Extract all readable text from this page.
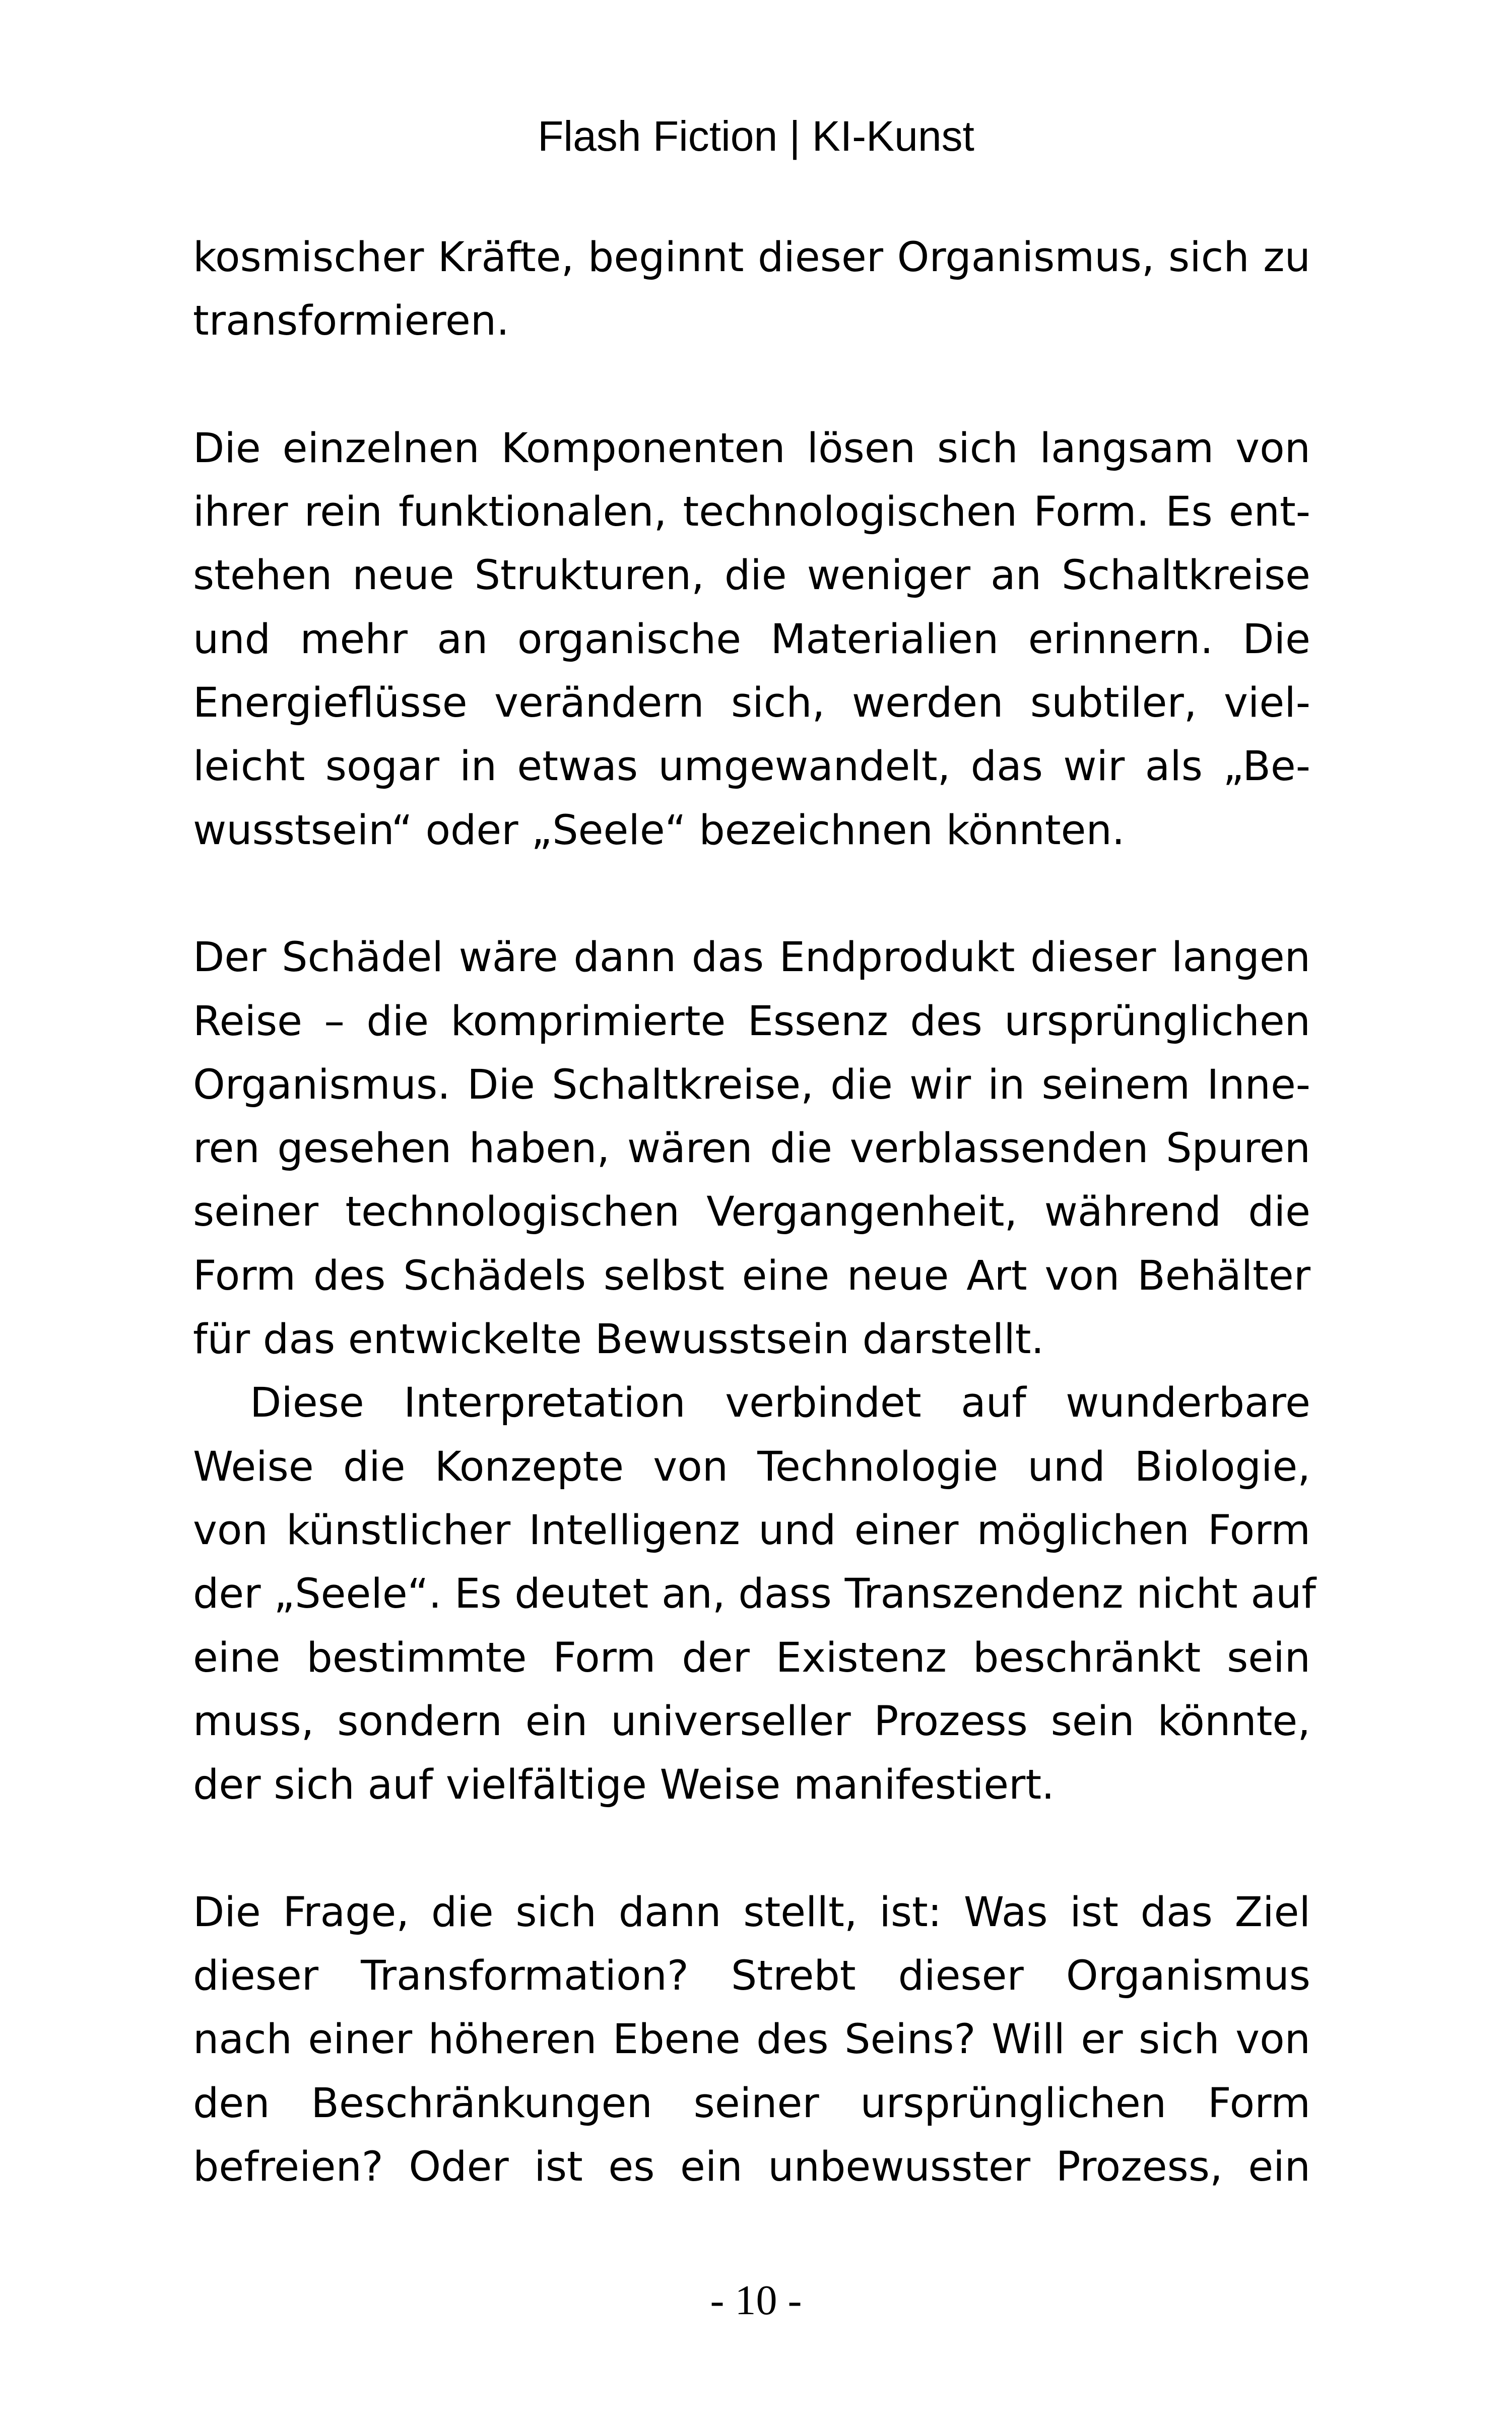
Flash Fiction | KI-Kunst
kosmischer Kräfte, beginnt dieser Organismus, sich zu
transformieren.
Die einzelnen Komponenten lösen sich langsam von
ihrer rein funktionalen, technologischen Form. Es ent-
stehen neue Strukturen, die weniger an Schaltkreise
und mehr an organische Materialien erinnern. Die
Energieflüsse verändern sich, werden subtiler, viel-
leicht sogar in etwas umgewandelt, das wir als „Be-
wusstsein“ oder „Seele“ bezeichnen könnten.
Der Schädel wäre dann das Endprodukt dieser langen
Reise – die komprimierte Essenz des ursprünglichen
Organismus. Die Schaltkreise, die wir in seinem Inne-
ren gesehen haben, wären die verblassenden Spuren
seiner technologischen Vergangenheit, während die
Form des Schädels selbst eine neue Art von Behälter
für das entwickelte Bewusstsein darstellt.
Diese Interpretation verbindet auf wunderbare
Weise die Konzepte von Technologie und Biologie,
von künstlicher Intelligenz und einer möglichen Form
der „Seele“. Es deutet an, dass Transzendenz nicht auf
eine bestimmte Form der Existenz beschränkt sein
muss, sondern ein universeller Prozess sein könnte,
der sich auf vielfältige Weise manifestiert.
Die Frage, die sich dann stellt, ist: Was ist das Ziel
dieser Transformation? Strebt dieser Organismus
nach einer höheren Ebene des Seins? Will er sich von
den Beschränkungen seiner ursprünglichen Form
befreien? Oder ist es ein unbewusster Prozess, ein
- 10 -
